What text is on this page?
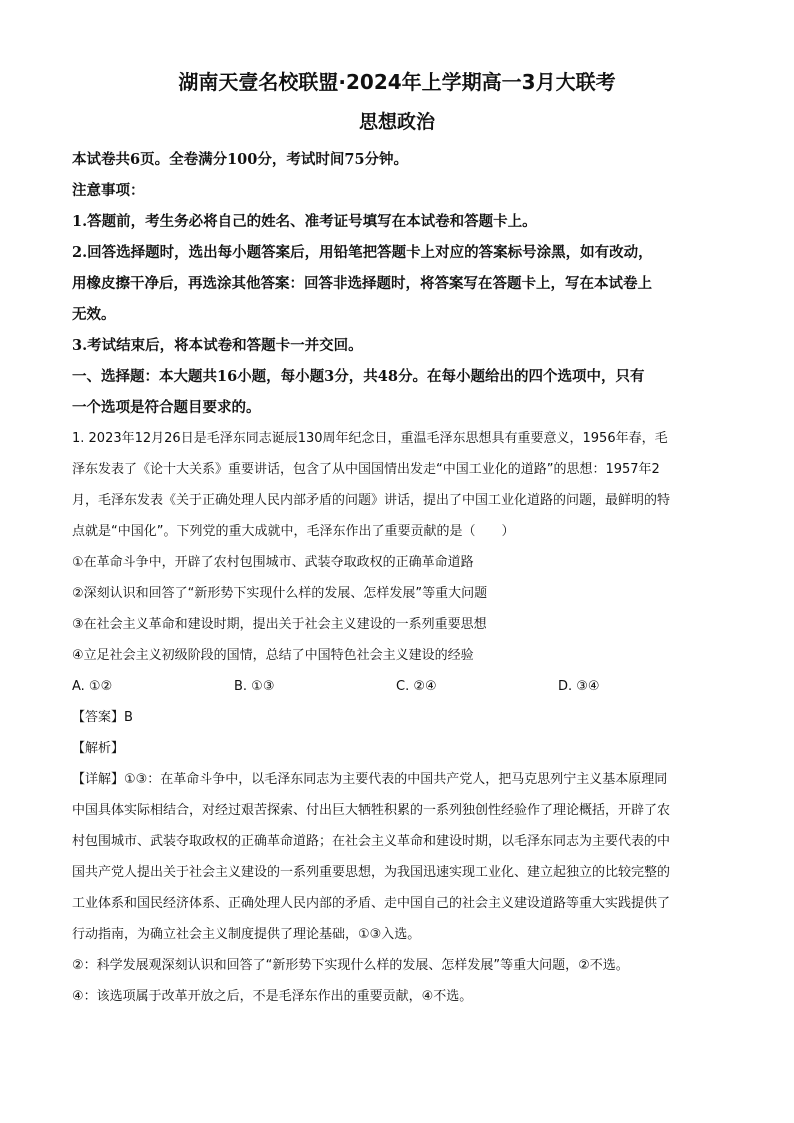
湖南天壹名校联盟·2024年上学期高一3月大联考
思想政治

本试卷共6页。全卷满分100分，考试时间75分钟。

注意事项：

1.答题前，考生务必将自己的姓名、准考证号填写在本试卷和答题卡上。

2.回答选择题时，选出每小题答案后，用铅笔把答题卡上对应的答案标号涂黑，如有改动，

用橡皮擦干净后，再选涂其他答案：回答非选择题时，将答案写在答题卡上，写在本试卷上

无效。

3.考试结束后，将本试卷和答题卡一并交回。

一、选择题：本大题共16小题，每小题3分，共48分。在每小题给出的四个选项中，只有

一个选项是符合题目要求的。

1. 2023年12月26日是毛泽东同志诞辰130周年纪念日，重温毛泽东思想具有重要意义，1956年春，毛

泽东发表了《论十大关系》重要讲话，包含了从中国国情出发走“中国工业化的道路”的思想：1957年2

月，毛泽东发表《关于正确处理人民内部矛盾的问题》讲话，提出了中国工业化道路的问题，最鲜明的特

点就是“中国化”。下列党的重大成就中，毛泽东作出了重要贡献的是（　　）

①在革命斗争中，开辟了农村包围城市、武装夺取政权的正确革命道路

②深刻认识和回答了“新形势下实现什么样的发展、怎样发展”等重大问题

③在社会主义革命和建设时期，提出关于社会主义建设的一系列重要思想

④立足社会主义初级阶段的国情，总结了中国特色社会主义建设的经验

A. ①②	B. ①③	C. ②④	D. ③④

【答案】B

【解析】

【详解】①③：在革命斗争中，以毛泽东同志为主要代表的中国共产党人，把马克思列宁主义基本原理同

中国具体实际相结合，对经过艰苦探索、付出巨大牺牲积累的一系列独创性经验作了理论概括，开辟了农

村包围城市、武装夺取政权的正确革命道路；在社会主义革命和建设时期，以毛泽东同志为主要代表的中

国共产党人提出关于社会主义建设的一系列重要思想，为我国迅速实现工业化、建立起独立的比较完整的

工业体系和国民经济体系、正确处理人民内部的矛盾、走中国自己的社会主义建设道路等重大实践提供了

行动指南，为确立社会主义制度提供了理论基础，①③入选。

②：科学发展观深刻认识和回答了“新形势下实现什么样的发展、怎样发展”等重大问题，②不选。

④：该选项属于改革开放之后，不是毛泽东作出的重要贡献，④不选。
